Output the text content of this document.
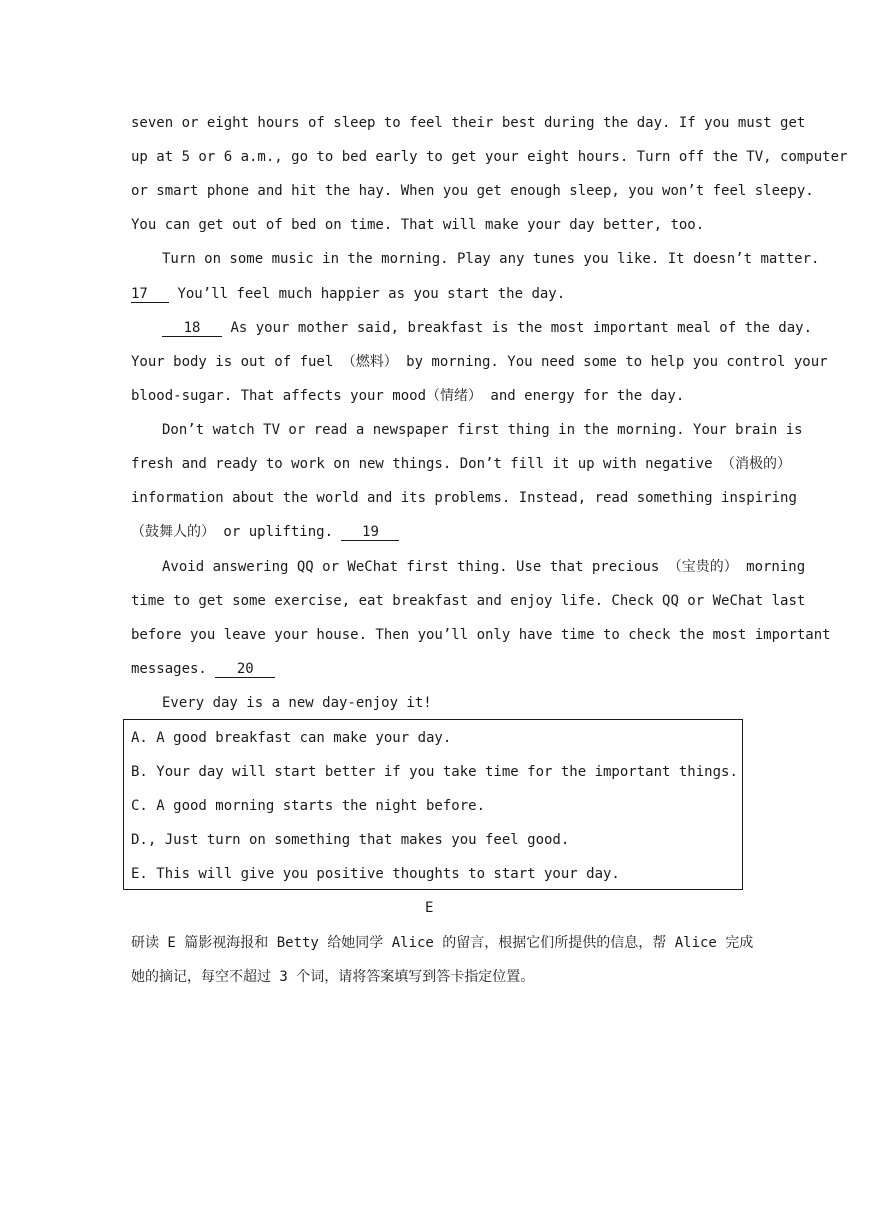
seven or eight hours of sleep to feel their best during the day. If you must get
up at 5 or 6 a.m., go to bed early to get your eight hours. Turn off the TV, computer
or smart phone and hit the hay. When you get enough sleep, you won’t feel sleepy.
You can get out of bed on time. That will make your day better, too.
Turn on some music in the morning. Play any tunes you like. It doesn’t matter.
17 You’ll feel much happier as you start the day.
18 As your mother said, breakfast is the most important meal of the day.
Your body is out of fuel （燃料） by morning. You need some to help you control your
blood-sugar. That affects your mood（情绪） and energy for the day.
Don’t watch TV or read a newspaper first thing in the morning. Your brain is
fresh and ready to work on new things. Don’t fill it up with negative （消极的）
information about the world and its problems. Instead, read something inspiring
（鼓舞人的） or uplifting. 19
Avoid answering QQ or WeChat first thing. Use that precious （宝贵的） morning
time to get some exercise, eat breakfast and enjoy life. Check QQ or WeChat last
before you leave your house. Then you’ll only have time to check the most important
messages. 20
Every day is a new day-enjoy it!
A. A good breakfast can make your day.
B. Your day will start better if you take time for the important things.
C. A good morning starts the night before.
D., Just turn on something that makes you feel good.
E. This will give you positive thoughts to start your day.
E
研读 E 篇影视海报和 Betty 给她同学 Alice 的留言，根据它们所提供的信息，帮 Alice 完成
她的摘记，每空不超过 3 个词，请将答案填写到答卡指定位置。
